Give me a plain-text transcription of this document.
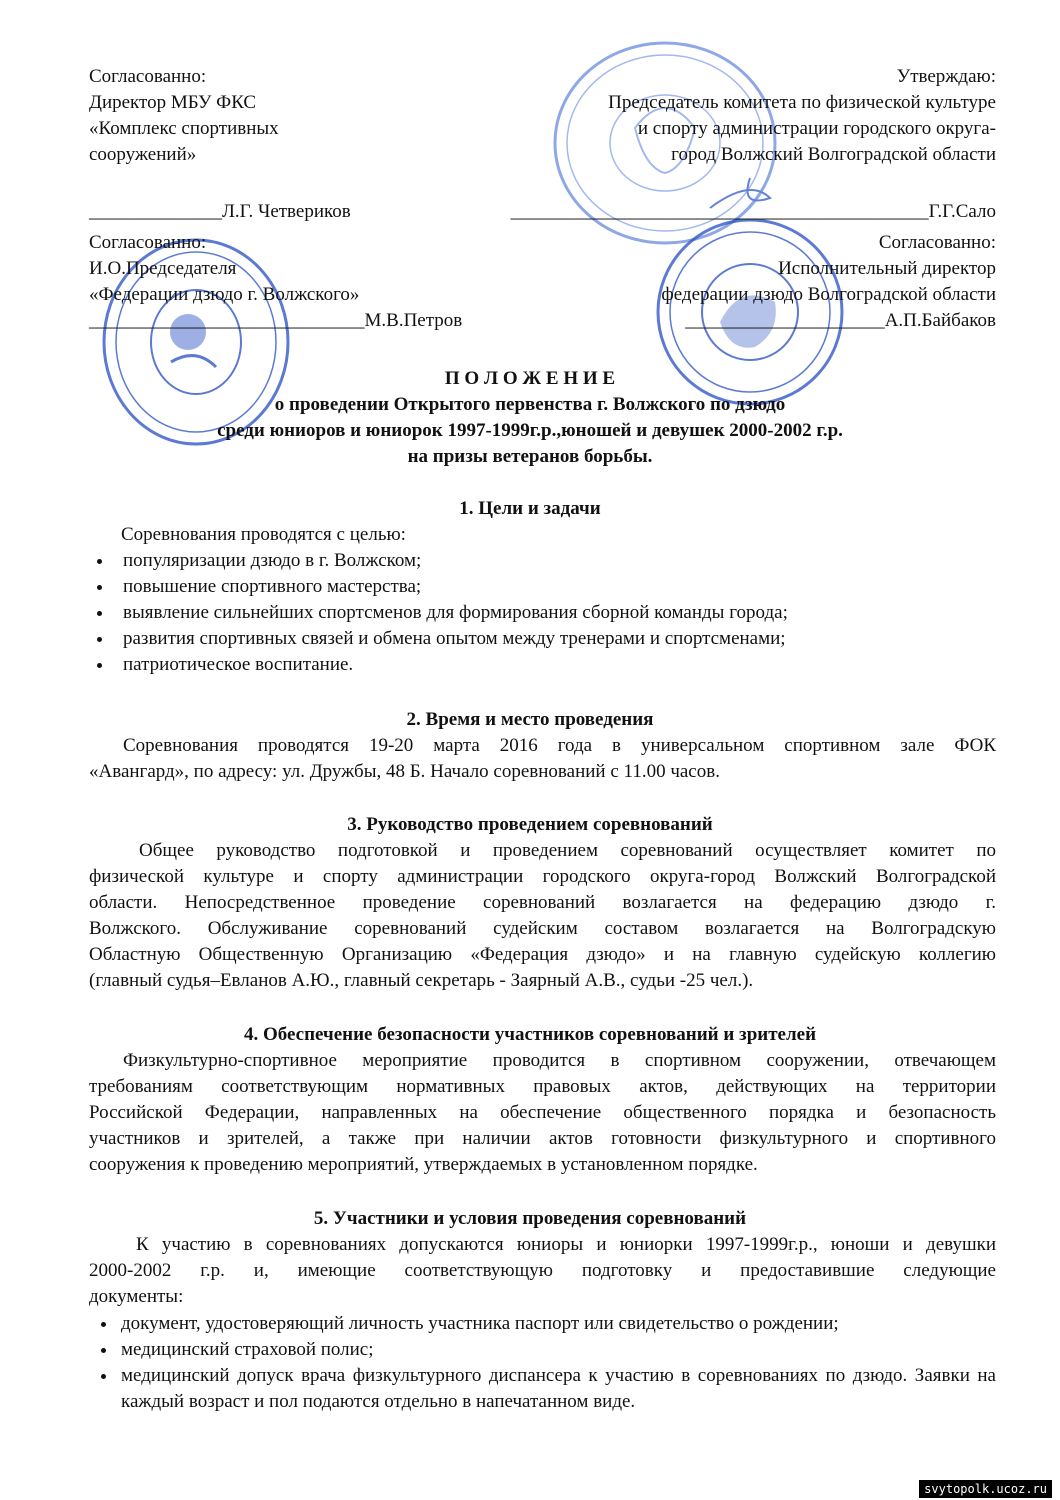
Согласованно:
Директор МБУ ФКС
«Комплекс спортивных
сооружений»
Утверждаю:
Председатель комитета по физической культуре
и спорту администрации городского округа-
город Волжский Волгоградской области
______________Л.Г. Четвериков	____________________________________________Г.Г.Сало
Согласованно:
И.О.Председателя
«Федерации дзюдо г. Волжского»
_____________________________М.В.Петров
Согласованно:
Исполнительный директор
федерации дзюдо Волгоградской области
_____________________А.П.Байбаков
П О Л О Ж Е Н И Е
о проведении Открытого первенства г. Волжского по дзюдо
среди юниоров и юниорок 1997-1999г.р.,юношей и девушек 2000-2002 г.р.
на призы ветеранов борьбы.
1. Цели и задачи
Соревнования проводятся с целью:
популяризации дзюдо в г. Волжском;
повышение спортивного мастерства;
выявление сильнейших спортсменов для формирования сборной команды города;
развития спортивных связей и обмена опытом между тренерами и спортсменами;
патриотическое воспитание.
2. Время и место проведения
Соревнования проводятся 19-20 марта 2016 года в универсальном спортивном зале ФОК
«Авангард», по адресу: ул. Дружбы, 48 Б. Начало соревнований с 11.00 часов.
3. Руководство проведением соревнований
Общее руководство подготовкой и проведением соревнований осуществляет комитет по
физической культуре и спорту администрации городского округа-город Волжский Волгоградской
области. Непосредственное проведение соревнований возлагается на федерацию дзюдо г.
Волжского. Обслуживание соревнований судейским составом возлагается на Волгоградскую
Областную Общественную Организацию «Федерация дзюдо» и на главную судейскую коллегию
(главный судья–Евланов А.Ю., главный секретарь - Заярный А.В., судьи -25 чел.).
4. Обеспечение безопасности участников соревнований и зрителей
Физкультурно-спортивное мероприятие проводится в спортивном сооружении, отвечающем
требованиям соответствующим нормативных правовых актов, действующих на территории
Российской Федерации, направленных на обеспечение общественного порядка и безопасность
участников и зрителей, а также при наличии актов готовности физкультурного и спортивного
сооружения к проведению мероприятий, утверждаемых в установленном порядке.
5. Участники и условия проведения соревнований
К участию в соревнованиях допускаются юниоры и юниорки 1997-1999г.р., юноши и девушки
2000-2002 г.р. и, имеющие соответствующую подготовку и предоставившие следующие
документы:
документ, удостоверяющий личность участника паспорт или свидетельство о рождении;
медицинский страховой полис;
медицинский допуск врача физкультурного диспансера к участию в соревнованиях по дзюдо. Заявки на каждый возраст и пол подаются отдельно в напечатанном виде.
svytopolk.ucoz.ru
